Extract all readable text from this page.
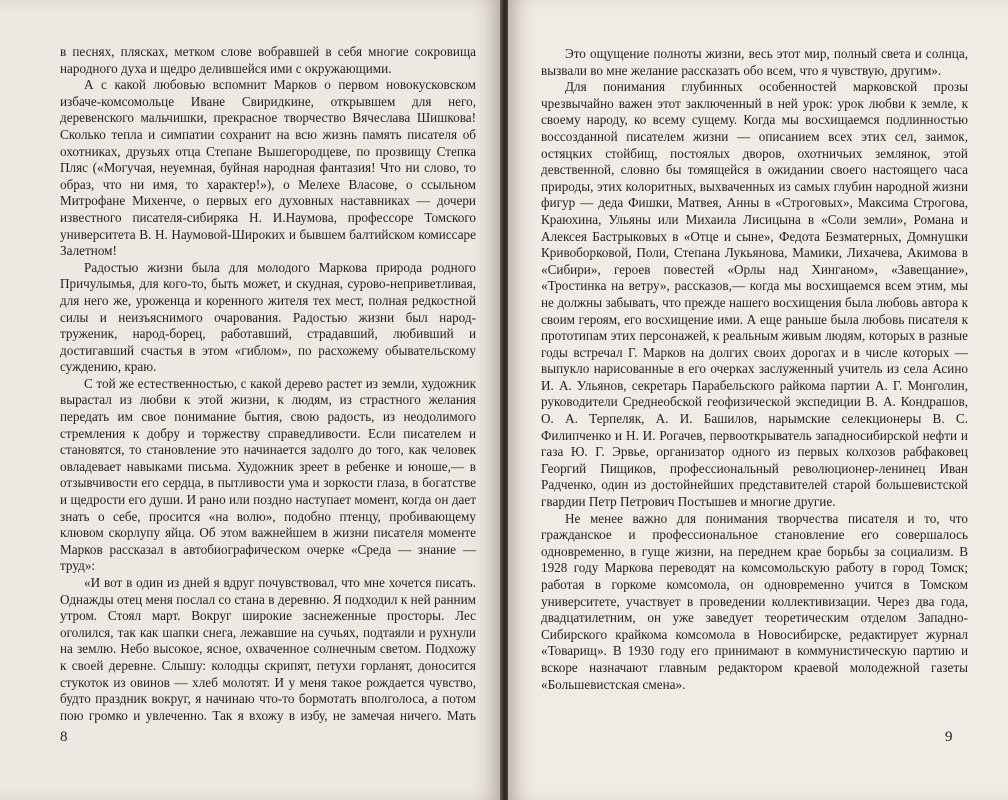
в песнях, плясках, метком слове вобравшей в себя многие сокровища народного духа и щедро делившейся ими с окружающими.

А с какой любовью вспомнит Марков о первом новокусковском избаче-комсомольце Иване Свиридкине, открывшем для него, деревенского мальчишки, прекрасное творчество Вячеслава Шишкова! Сколько тепла и симпатии сохранит на всю жизнь память писателя об охотниках, друзьях отца Степане Вышегородцеве, по прозвищу Степка Пляс («Могучая, неуемная, буйная народная фантазия! Что ни слово, то образ, что ни имя, то характер!»), о Мелехе Власове, о ссыльном Митрофане Михенче, о первых его духовных наставниках — дочери известного писателя-сибиряка Н. И.Наумова, профессоре Томского университета В. Н. Наумовой-Широких и бывшем балтийском комиссаре Залетном!

Радостью жизни была для молодого Маркова природа родного Причулымья, для кого-то, быть может, и скудная, сурово-неприветливая, для него же, уроженца и коренного жителя тех мест, полная редкостной силы и неизъяснимого очарования. Радостью жизни был народ-труженик, народ-борец, работавший, страдавший, любивший и достигавший счастья в этом «гиблом», по расхожему обывательскому суждению, краю.

С той же естественностью, с какой дерево растет из земли, художник вырастал из любви к этой жизни, к людям, из страстного желания передать им свое понимание бытия, свою радость, из неодолимого стремления к добру и торжеству справедливости. Если писателем и становятся, то становление это начинается задолго до того, как человек овладевает навыками письма. Художник зреет в ребенке и юноше,— в отзывчивости его сердца, в пытливости ума и зоркости глаза, в богатстве и щедрости его души. И рано или поздно наступает момент, когда он дает знать о себе, просится «на волю», подобно птенцу, пробивающему клювом скорлупу яйца. Об этом важнейшем в жизни писателя моменте Марков рассказал в автобиографическом очерке «Среда — знание — труд»:

«И вот в один из дней я вдруг почувствовал, что мне хочется писать. Однажды отец меня послал со стана в деревню. Я подходил к ней ранним утром. Стоял март. Вокруг широкие заснеженные просторы. Лес оголился, так как шапки снега, лежавшие на сучьях, подтаяли и рухнули на землю. Небо высокое, ясное, охваченное солнечным светом. Подхожу к своей деревне. Слышу: колодцы скрипят, петухи горланят, доносится стукоток из овинов — хлеб молотят. И у меня такое рождается чувство, будто праздник вокруг, я начинаю что-то бормотать вполголоса, а потом пою громко и увлеченно. Так я вхожу в избу, не замечая ничего. Мать

8

Это ощущение полноты жизни, весь этот мир, полный света и солнца, вызвали во мне желание рассказать обо всем, что я чувствую, другим».

Для понимания глубинных особенностей марковской прозы чрезвычайно важен этот заключенный в ней урок: урок любви к земле, к своему народу, ко всему сущему. Когда мы восхищаемся подлинностью воссозданной писателем жизни — описанием всех этих сел, заимок, остяцких стойбищ, постоялых дворов, охотничьих землянок, этой девственной, словно бы томящейся в ожидании своего настоящего часа природы, этих колоритных, выхваченных из самых глубин народной жизни фигур — деда Фишки, Матвея, Анны в «Строговых», Максима Строгова, Краюхина, Ульяны или Михаила Лисицына в «Соли земли», Романа и Алексея Бастрыковых в «Отце и сыне», Федота Безматерных, Домнушки Кривоборковой, Поли, Степана Лукьянова, Мамики, Лихачева, Акимова в «Сибири», героев повестей «Орлы над Хинганом», «Завещание», «Тростинка на ветру», рассказов,— когда мы восхищаемся всем этим, мы не должны забывать, что прежде нашего восхищения была любовь автора к своим героям, его восхищение ими. А еще раньше была любовь писателя к прототипам этих персонажей, к реальным живым людям, которых в разные годы встречал Г. Марков на долгих своих дорогах и в числе которых — выпукло нарисованные в его очерках заслуженный учитель из села Асино И. А. Ульянов, секретарь Парабельского райкома партии А. Г. Монголин, руководители Среднеобской геофизической экспедиции В. А. Кондрашов, О. А. Терпеляк, А. И. Башилов, нарымские селекционеры В. С. Филипченко и Н. И. Рогачев, первооткрыватель западносибирской нефти и газа Ю. Г. Эрвье, организатор одного из первых колхозов рабфаковец Георгий Пищиков, профессиональный революционер-ленинец Иван Радченко, один из достойнейших представителей старой большевистской гвардии Петр Петрович Постышев и многие другие.

Не менее важно для понимания творчества писателя и то, что гражданское и профессиональное становление его совершалось одновременно, в гуще жизни, на переднем крае борьбы за социализм. В 1928 году Маркова переводят на комсомольскую работу в город Томск; работая в горкоме комсомола, он одновременно учится в Томском университете, участвует в проведении коллективизации. Через два года, двадцатилетним, он уже заведует теоретическим отделом Западно-Сибирского крайкома комсомола в Новосибирске, редактирует журнал «Товарищ». В 1930 году его принимают в коммунистическую партию и вскоре назначают главным редактором краевой молодежной газеты «Большевистская смена».

9
